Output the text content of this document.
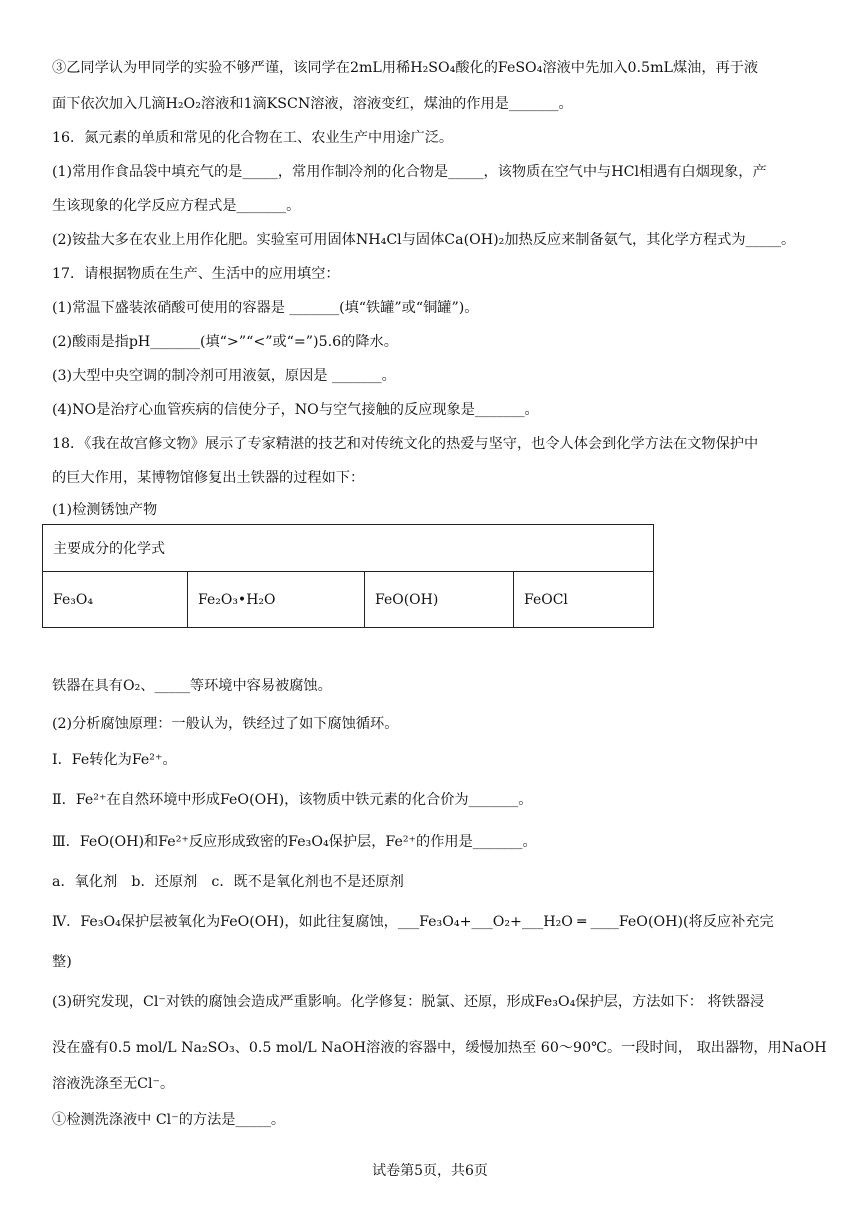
③乙同学认为甲同学的实验不够严谨，该同学在2mL用稀H₂SO₄酸化的FeSO₄溶液中先加入0.5mL煤油，再于液
面下依次加入几滴H₂O₂溶液和1滴KSCN溶液，溶液变红，煤油的作用是_______。
16．氮元素的单质和常见的化合物在工、农业生产中用途广泛。
(1)常用作食品袋中填充气的是_____，常用作制冷剂的化合物是_____，该物质在空气中与HCl相遇有白烟现象，产
生该现象的化学反应方程式是_______。
(2)铵盐大多在农业上用作化肥。实验室可用固体NH₄Cl与固体Ca(OH)₂加热反应来制备氨气，其化学方程式为_____。
17．请根据物质在生产、生活中的应用填空：
(1)常温下盛装浓硝酸可使用的容器是 _______(填“铁罐”或“铜罐”)。
(2)酸雨是指pH_______(填“>”“<”或“=”)5.6的降水。
(3)大型中央空调的制冷剂可用液氨，原因是 _______。
(4)NO是治疗心血管疾病的信使分子，NO与空气接触的反应现象是_______。
18．《我在故宫修文物》展示了专家精湛的技艺和对传统文化的热爱与坚守，也令人体会到化学方法在文物保护中
的巨大作用，某博物馆修复出土铁器的过程如下：
(1)检测锈蚀产物
主要成分的化学式
Fe₃O₄	Fe₂O₃•H₂O	FeO(OH)	FeOCl
铁器在具有O₂、_____等环境中容易被腐蚀。
(2)分析腐蚀原理：一般认为，铁经过了如下腐蚀循环。
Ⅰ．Fe转化为Fe²⁺。
Ⅱ．Fe²⁺在自然环境中形成FeO(OH)，该物质中铁元素的化合价为_______。
Ⅲ．FeO(OH)和Fe²⁺反应形成致密的Fe₃O₄保护层，Fe²⁺的作用是_______。
a．氧化剂　b．还原剂　c．既不是氧化剂也不是还原剂
Ⅳ．Fe₃O₄保护层被氧化为FeO(OH)，如此往复腐蚀，___Fe₃O₄+___O₂+___H₂O ═ ____FeO(OH)(将反应补充完
整)
(3)研究发现，Cl⁻对铁的腐蚀会造成严重影响。化学修复：脱氯、还原，形成Fe₃O₄保护层，方法如下： 将铁器浸
没在盛有0.5 mol/L Na₂SO₃、0.5 mol/L NaOH溶液的容器中，缓慢加热至 60～90℃。一段时间， 取出器物，用NaOH
溶液洗涤至无Cl⁻。
①检测洗涤液中 Cl⁻的方法是_____。
试卷第5页，共6页
